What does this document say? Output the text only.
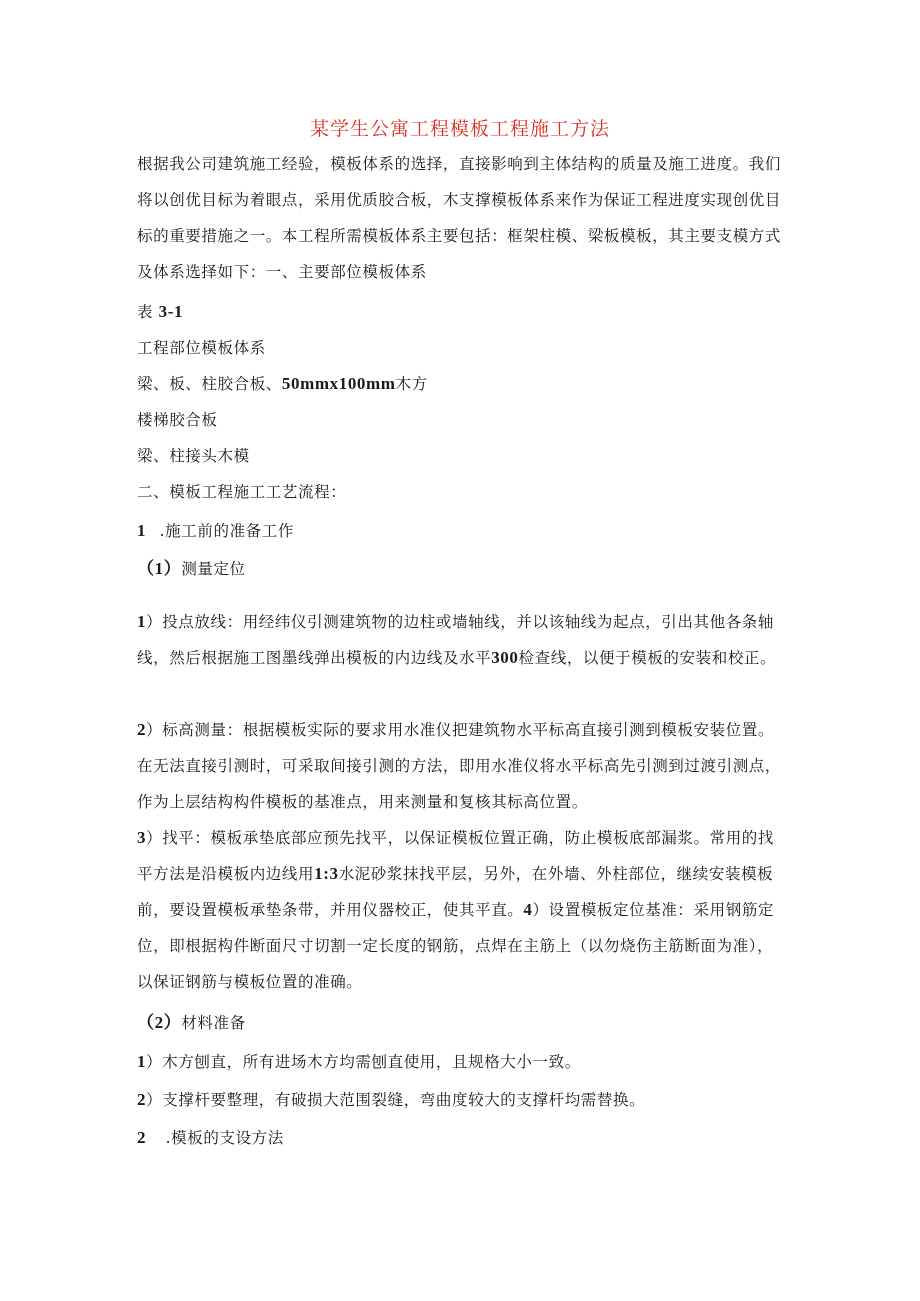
某学生公寓工程模板工程施工方法

根据我公司建筑施工经验，模板体系的选择，直接影响到主体结构的质量及施工进度。我们将以创优目标为着眼点，采用优质胶合板，木支撑模板体系来作为保证工程进度实现创优目标的重要措施之一。本工程所需模板体系主要包括：框架柱模、梁板模板，其主要支模方式及体系选择如下：一、主要部位模板体系

表 3-1
工程部位模板体系
梁、板、柱胶合板、50mmx100mm木方
楼梯胶合板
梁、柱接头木模
二、模板工程施工工艺流程：
1 .施工前的准备工作
（1）测量定位

1）投点放线：用经纬仪引测建筑物的边柱或墙轴线，并以该轴线为起点，引出其他各条轴线，然后根据施工图墨线弹出模板的内边线及水平300检查线，以便于模板的安装和校正。

2）标高测量：根据模板实际的要求用水准仪把建筑物水平标高直接引测到模板安装位置。在无法直接引测时，可采取间接引测的方法，即用水准仪将水平标高先引测到过渡引测点，作为上层结构构件模板的基准点，用来测量和复核其标高位置。

3）找平：模板承垫底部应预先找平，以保证模板位置正确，防止模板底部漏浆。常用的找平方法是沿模板内边线用1:3水泥砂浆抹找平层，另外，在外墙、外柱部位，继续安装模板前，要设置模板承垫条带，并用仪器校正，使其平直。4）设置模板定位基准：采用钢筋定位，即根据构件断面尺寸切割一定长度的钢筋，点焊在主筋上（以勿烧伤主筋断面为准），以保证钢筋与模板位置的准确。

（2）材料准备
1）木方刨直，所有进场木方均需刨直使用，且规格大小一致。
2）支撑杆要整理，有破损大范围裂缝，弯曲度较大的支撑杆均需替换。
2 .模板的支设方法
